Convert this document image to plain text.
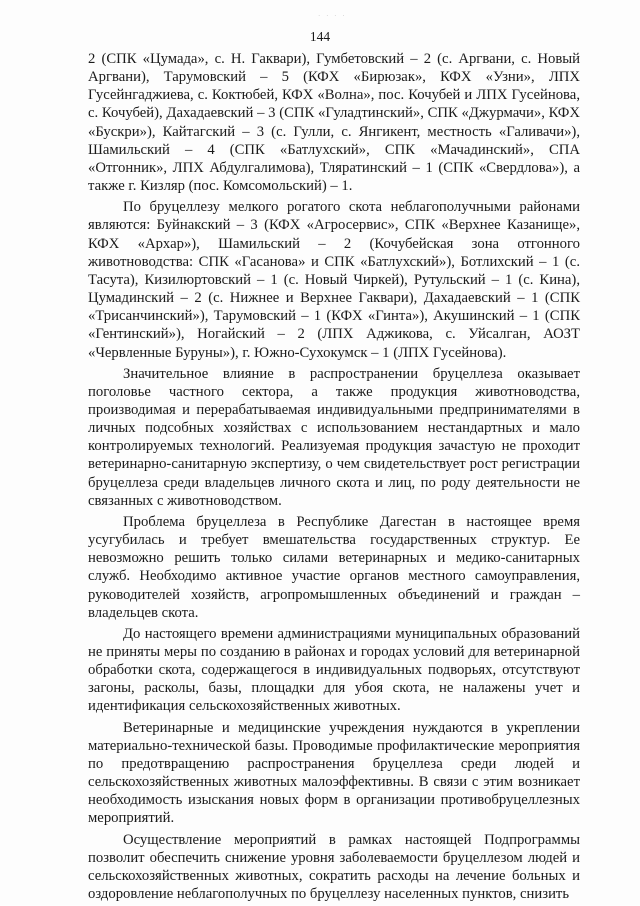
· · · ·
144

2 (СПК «Цумада», с. Н. Гаквари), Гумбетовский – 2 (с. Аргвани, с. Новый Аргвани), Тарумовский – 5 (КФХ «Бирюзак», КФХ «Узни», ЛПХ Гусейнгаджиева, с. Коктюбей, КФХ «Волна», пос. Кочубей и ЛПХ Гусейнова, с. Кочубей), Дахадаевский – 3 (СПК «Гуладтинский», СПК «Джурмачи», КФХ «Бускри»), Кайтагский – 3 (с. Гулли, с. Янгикент, местность «Галивачи»), Шамильский – 4 (СПК «Батлухский», СПК «Мачадинский», СПА «Отгонник», ЛПХ Абдулгалимова), Тляратинский – 1 (СПК «Свердлова»), а также г. Кизляр (пос. Комсомольский) – 1.

По бруцеллезу мелкого рогатого скота неблагополучными районами являются: Буйнакский – 3 (КФХ «Агросервис», СПК «Верхнее Казанище», КФХ «Архар»), Шамильский – 2 (Кочубейская зона отгонного животноводства: СПК «Гасанова» и СПК «Батлухский»), Ботлихский – 1 (с. Тасута), Кизилюртовский – 1 (с. Новый Чиркей), Рутульский – 1 (с. Кина), Цумадинский – 2 (с. Нижнее и Верхнее Гаквари), Дахадаевский – 1 (СПК «Трисанчинский»), Тарумовский – 1 (КФХ «Гинта»), Акушинский – 1 (СПК «Гентинский»), Ногайский – 2 (ЛПХ Аджикова, с. Уйсалган, АОЗТ «Червленные Буруны»), г. Южно-Сухокумск – 1 (ЛПХ Гусейнова).

Значительное влияние в распространении бруцеллеза оказывает поголовье частного сектора, а также продукция животноводства, производимая и перерабатываемая индивидуальными предпринимателями в личных подсобных хозяйствах с использованием нестандартных и мало контролируемых технологий. Реализуемая продукция зачастую не проходит ветеринарно-санитарную экспертизу, о чем свидетельствует рост регистрации бруцеллеза среди владельцев личного скота и лиц, по роду деятельности не связанных с животноводством.

Проблема бруцеллеза в Республике Дагестан в настоящее время усугубилась и требует вмешательства государственных структур. Ее невозможно решить только силами ветеринарных и медико-санитарных служб. Необходимо активное участие органов местного самоуправления, руководителей хозяйств, агропромышленных объединений и граждан – владельцев скота.

До настоящего времени администрациями муниципальных образований не приняты меры по созданию в районах и городах условий для ветеринарной обработки скота, содержащегося в индивидуальных подворьях, отсутствуют загоны, расколы, базы, площадки для убоя скота, не налажены учет и идентификация сельскохозяйственных животных.

Ветеринарные и медицинские учреждения нуждаются в укреплении материально-технической базы. Проводимые профилактические мероприятия по предотвращению распространения бруцеллеза среди людей и сельскохозяйственных животных малоэффективны. В связи с этим возникает необходимость изыскания новых форм в организации противобруцеллезных мероприятий.

Осуществление мероприятий в рамках настоящей Подпрограммы позволит обеспечить снижение уровня заболеваемости бруцеллезом людей и сельскохозяйственных животных, сократить расходы на лечение больных и оздоровление неблагополучных по бруцеллезу населенных пунктов, снизить
